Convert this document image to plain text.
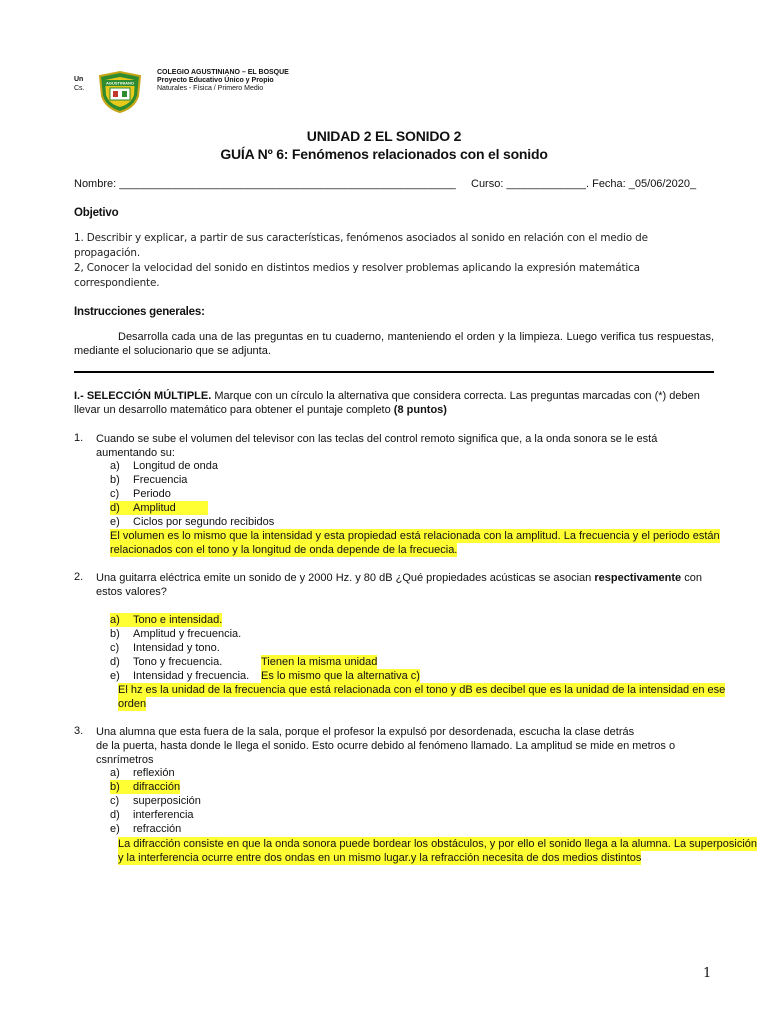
Un
Cs.
AGUSTINIANO
COLEGIO AGUSTINIANO – EL BOSQUE
Proyecto Educativo Único y Propio
Naturales - Física / Primero Medio
UNIDAD 2 EL SONIDO 2
GUÍA Nº 6: Fenómenos relacionados con el sonido
Nombre: _______________________________________________________ Curso: _____________. Fecha: _05/06/2020_
Objetivo
1. Describir y explicar, a partir de sus características, fenómenos asociados al sonido en relación con el medio de propagación.
2, Conocer la velocidad del sonido en distintos medios y resolver problemas aplicando la expresión matemática correspondiente.
Instrucciones generales:
Desarrolla cada una de las preguntas en tu cuaderno, manteniendo el orden y la limpieza. Luego verifica tus respuestas, mediante el solucionario que se adjunta.
I.- SELECCIÓN MÚLTIPLE. Marque con un círculo la alternativa que considera correcta. Las preguntas marcadas con (*) deben llevar un desarrollo matemático para obtener el puntaje completo (8 puntos)
1. Cuando se sube el volumen del televisor con las teclas del control remoto significa que, a la onda sonora se le está aumentando su:
a) Longitud de onda
b) Frecuencia
c) Periodo
d) Amplitud
e) Ciclos por segundo recibidos
El volumen es lo mismo que la intensidad y esta propiedad está relacionada con la amplitud. La frecuencia y el periodo están
relacionados con el tono y la longitud de onda depende de la frecuecia.
2. Una guitarra eléctrica emite un sonido de y 2000 Hz. y 80 dB ¿Qué propiedades acústicas se asocian respectivamente con estos valores?
a) Tono e intensidad.
b) Amplitud y frecuencia.
c) Intensidad y tono.
d) Tono y frecuencia.	Tienen la misma unidad
e) Intensidad y frecuencia. Es lo mismo que la alternativa c)
El hz es la unidad de la frecuencia que está relacionada con el tono y dB es decibel que es la unidad de la intensidad en ese
orden
3. Una alumna que esta fuera de la sala, porque el profesor la expulsó por desordenada, escucha la clase detrás
de la puerta, hasta donde le llega el sonido. Esto ocurre debido al fenómeno llamado. La amplitud se mide en metros o csnrímetros
a) reflexión
b) difracción
c) superposición
d) interferencia
e) refracción
La difracción consiste en que la onda sonora puede bordear los obstáculos, y por ello el sonido llega a la alumna. La superposición
y la interferencia ocurre entre dos ondas en un mismo lugar.y la refracción necesita de dos medios distintos
1
